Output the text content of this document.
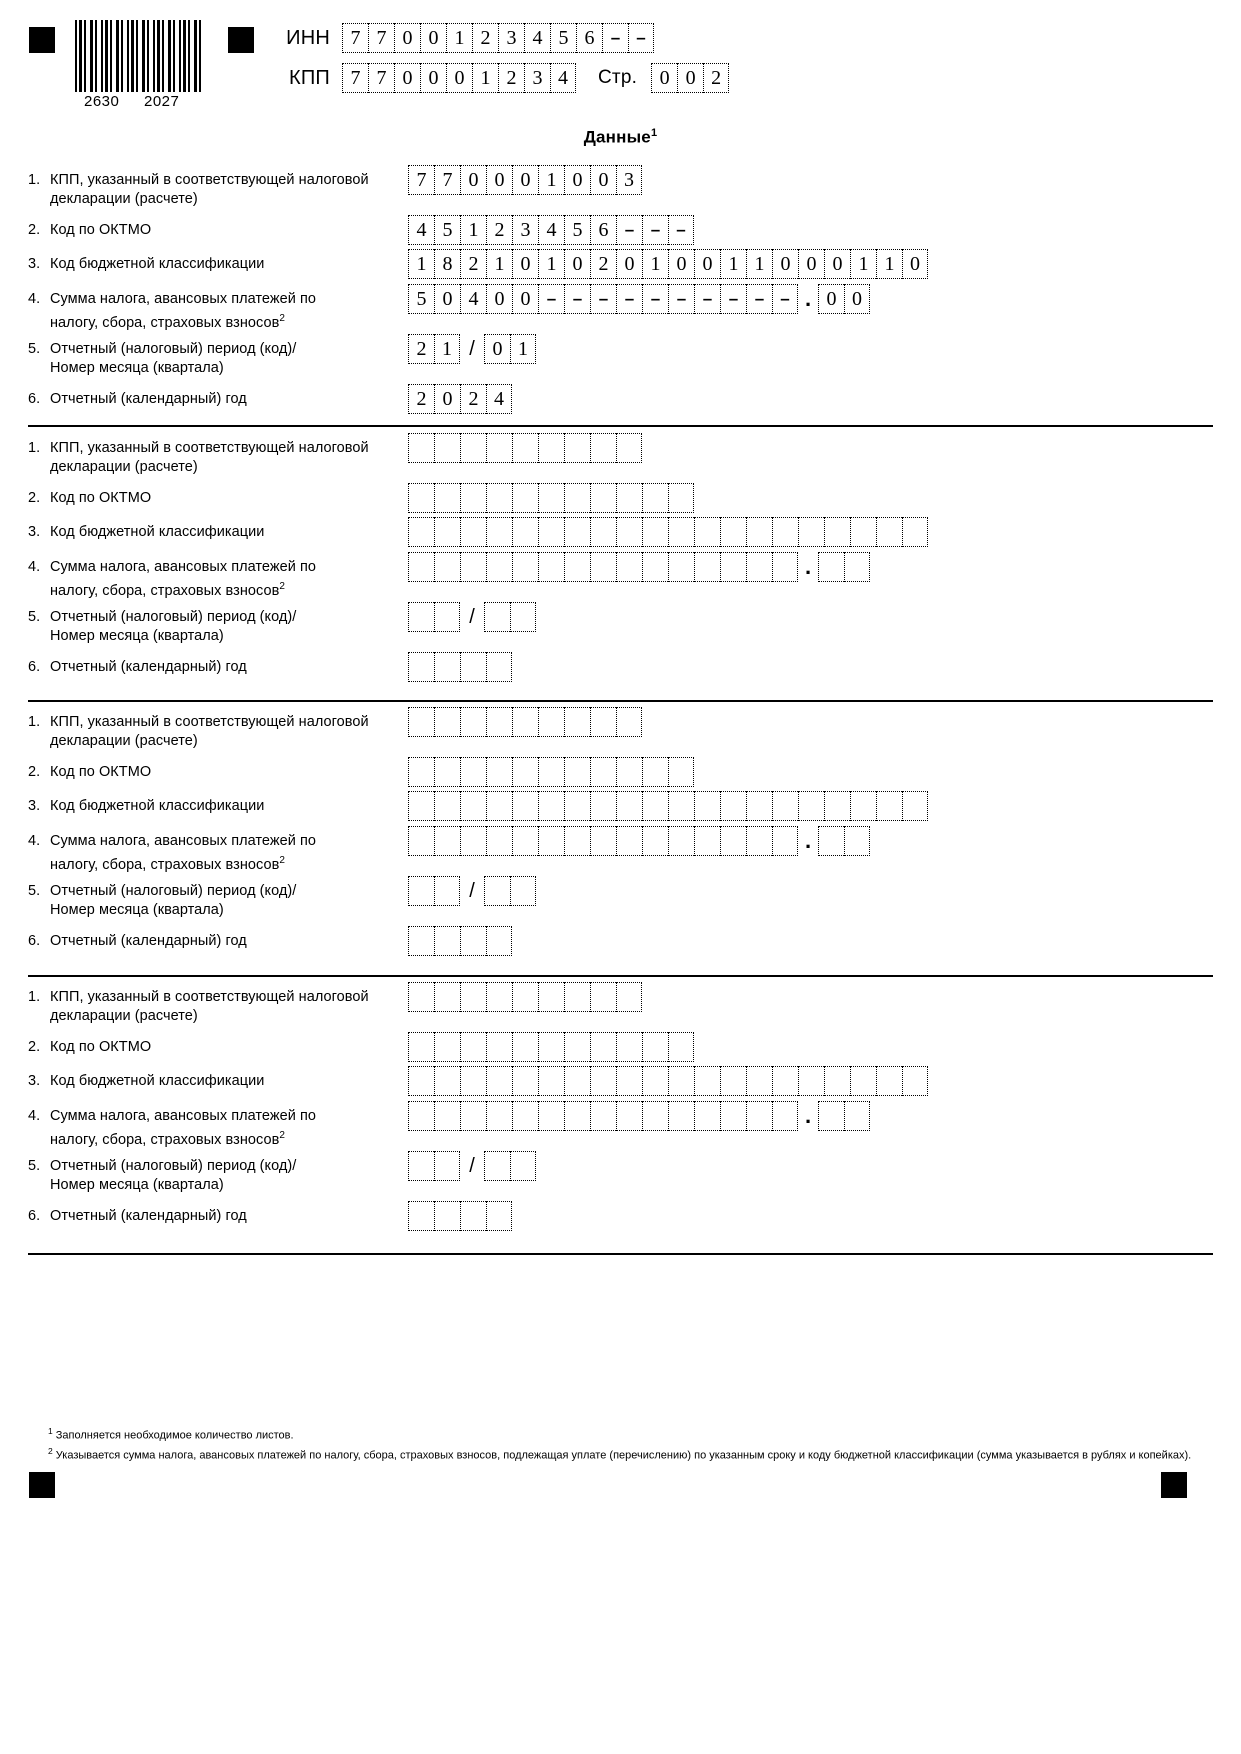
2630 2027
ИНН	7 7 0 0 1 2 3 4 5 6 – –
КПП	7 7 0 0 0 1 2 3 4	Стр.	0 0 2
Данные$^1$
1. КПП, указанный в соответствующей налоговой
декларации (расчете)
7 7 0 0 0 1 0 0 3
2. Код по ОКТМО	4 5 1 2 3 4 5 6 – – –
3. Код бюджетной классификации	1 8 2 1 0 1 0 2 0 1 0 0 1 1 0 0 0 1 1 0
4. Сумма налога, авансовых платежей по
налогу, сбора, страховых взносов$^2$
5 0 4 0 0 – – – – – – – – – – . 0 0
5. Отчетный (налоговый) период (код)/
Номер месяца (квартала)
2 1 / 0 1
6. Отчетный (календарный) год	2 0 2 4
1. КПП, указанный в соответствующей налоговой
декларации (расчете)
2. Код по ОКТМО
3. Код бюджетной классификации
4. Сумма налога, авансовых платежей по
налогу, сбора, страховых взносов$^2$
.
5. Отчетный (налоговый) период (код)/
Номер месяца (квартала)
/
6. Отчетный (календарный) год
1. КПП, указанный в соответствующей налоговой
декларации (расчете)
2. Код по ОКТМО
3. Код бюджетной классификации
4. Сумма налога, авансовых платежей по
налогу, сбора, страховых взносов$^2$
.
5. Отчетный (налоговый) период (код)/
Номер месяца (квартала)
/
6. Отчетный (календарный) год
1. КПП, указанный в соответствующей налоговой
декларации (расчете)
2. Код по ОКТМО
3. Код бюджетной классификации
4. Сумма налога, авансовых платежей по
налогу, сбора, страховых взносов$^2$
.
5. Отчетный (налоговый) период (код)/
Номер месяца (квартала)
/
6. Отчетный (календарный) год

$^1$ Заполняется необходимое количество листов.

$^2$ Указывается сумма налога, авансовых платежей по налогу, сбора, страховых взносов, подлежащая уплате (перечислению) по указанным сроку и коду бюджетной классификации (сумма указывается в рублях и копейках).
